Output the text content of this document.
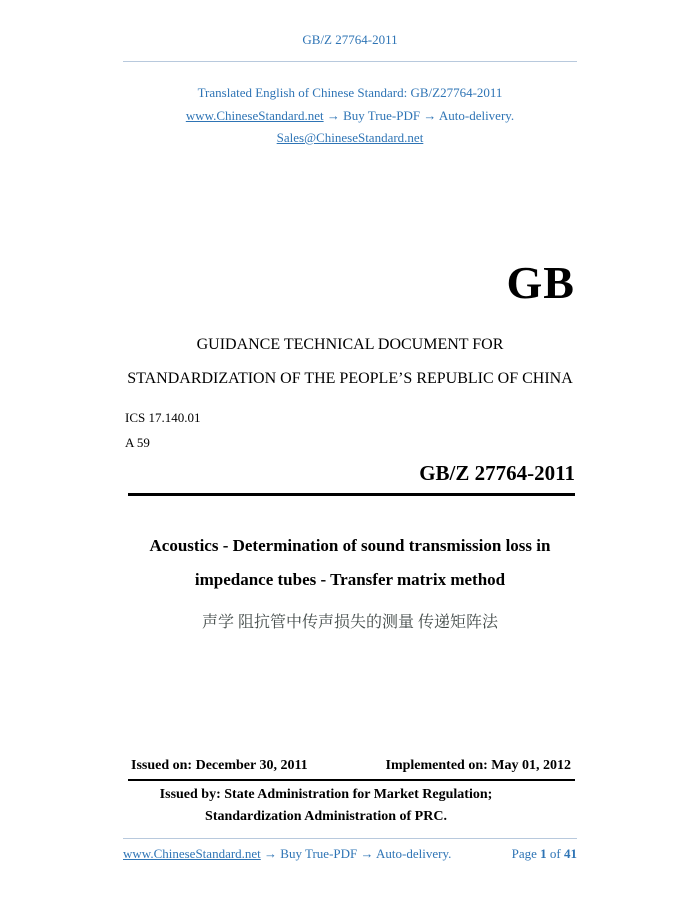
GB/Z 27764-2011
Translated English of Chinese Standard: GB/Z27764-2011
www.ChineseStandard.net → Buy True-PDF → Auto-delivery.
Sales@ChineseStandard.net
GB
GUIDANCE TECHNICAL DOCUMENT FOR
STANDARDIZATION OF THE PEOPLE’S REPUBLIC OF CHINA
ICS 17.140.01
A 59
GB/Z 27764-2011
Acoustics - Determination of sound transmission loss in
impedance tubes - Transfer matrix method
声学 阻抗管中传声损失的测量 传递矩阵法
Issued on: December 30, 2011	Implemented on: May 01, 2012
Issued by: State Administration for Market Regulation;
Standardization Administration of PRC.
www.ChineseStandard.net → Buy True-PDF → Auto-delivery.	Page 1 of 41
